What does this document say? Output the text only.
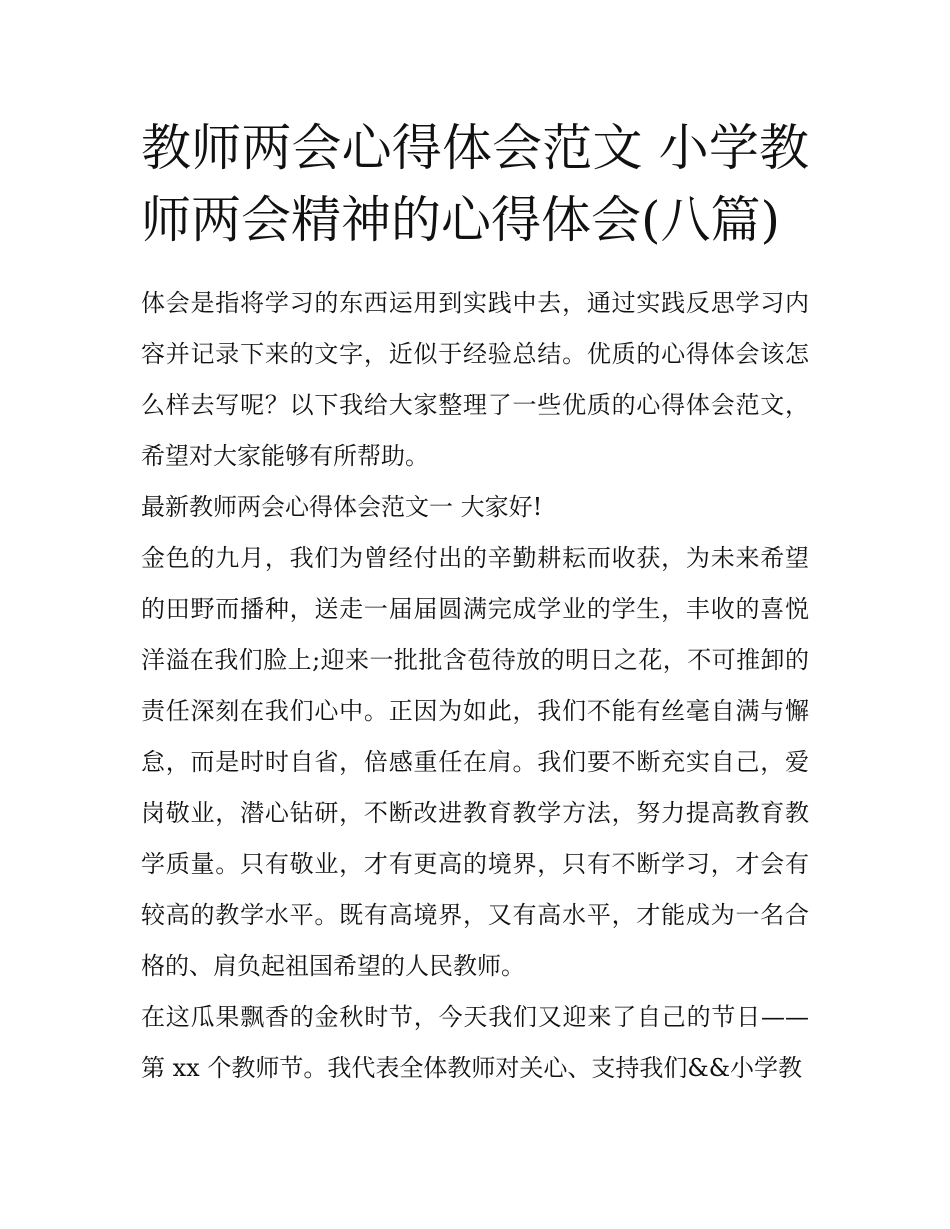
教师两会心得体会范文 小学教师两会精神的心得体会(八篇)

体会是指将学习的东西运用到实践中去，通过实践反思学习内容并记录下来的文字，近似于经验总结。优质的心得体会该怎么样去写呢？以下我给大家整理了一些优质的心得体会范文，希望对大家能够有所帮助。

最新教师两会心得体会范文一 大家好!

金色的九月，我们为曾经付出的辛勤耕耘而收获，为未来希望的田野而播种，送走一届届圆满完成学业的学生，丰收的喜悦洋溢在我们脸上;迎来一批批含苞待放的明日之花，不可推卸的责任深刻在我们心中。正因为如此，我们不能有丝毫自满与懈怠，而是时时自省，倍感重任在肩。我们要不断充实自己，爱岗敬业，潜心钻研，不断改进教育教学方法，努力提高教育教学质量。只有敬业，才有更高的境界，只有不断学习，才会有较高的教学水平。既有高境界，又有高水平，才能成为一名合格的、肩负起祖国希望的人民教师。

在这瓜果飘香的金秋时节，今天我们又迎来了自己的节日——第 xx 个教师节。我代表全体教师对关心、支持我们&&小学教
